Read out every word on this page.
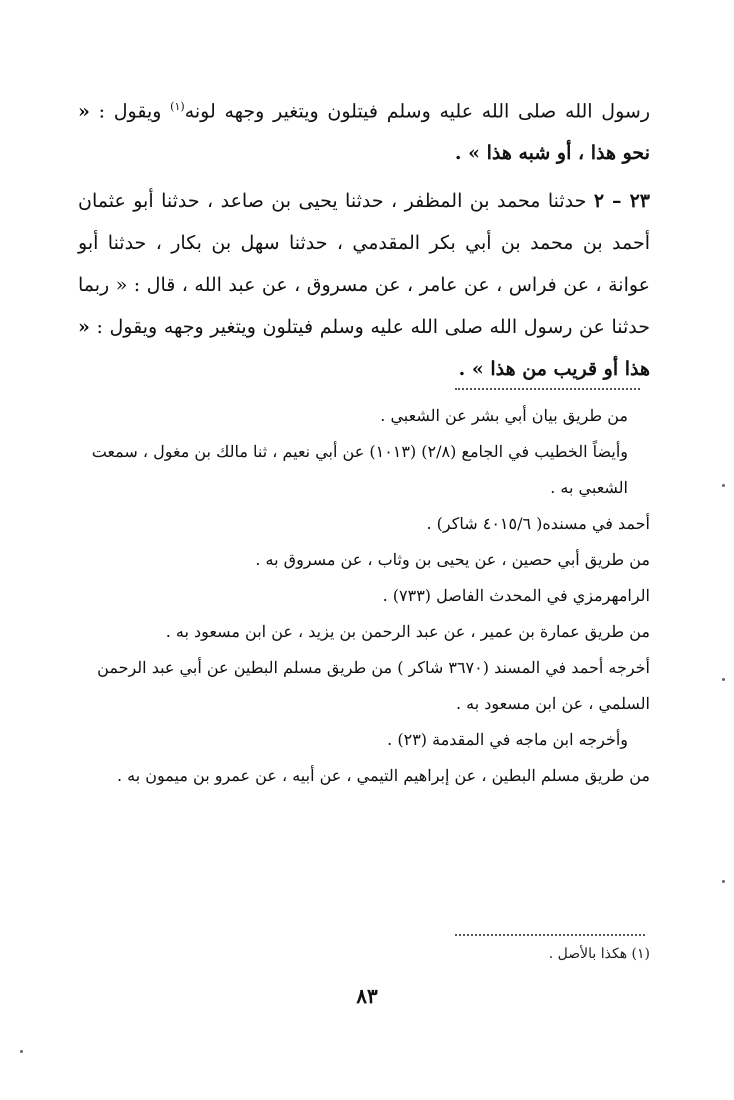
رسول الله صلى الله عليه وسلم فيتلون ويتغير وجهه لونه$^{(١)}$ ويقول : « نحو هذا ، أو شبه هذا » .

٢٣ – ٢ حدثنا محمد بن المظفر ، حدثنا يحيى بن صاعد ، حدثنا أبو عثمان أحمد بن محمد بن أبي بكر المقدمي ، حدثنا سهل بن بكار ، حدثنا أبو عوانة ، عن فراس ، عن عامر ، عن مسروق ، عن عبد الله ، قال : « ربما حدثنا عن رسول الله صلى الله عليه وسلم فيتلون ويتغير وجهه ويقول : « هذا أو قريب من هذا » .

من طريق بيان أبي بشر عن الشعبي .

وأيضاً الخطيب في الجامع (٢/٨) (١٠١٣) عن أبي نعيم ، ثنا مالك بن مغول ، سمعت الشعبي به .

أحمد في مسنده( ٤٠١٥/٦ شاكر) .

من طريق أبي حصين ، عن يحيى بن وثاب ، عن مسروق به .

الرامهرمزي في المحدث الفاصل (٧٣٣) .

من طريق عمارة بن عمير ، عن عبد الرحمن بن يزيد ، عن ابن مسعود به .

أخرجه أحمد في المسند (٣٦٧٠ شاكر ) من طريق مسلم البطين عن أبي عبد الرحمن السلمي ، عن ابن مسعود به .

وأخرجه ابن ماجه في المقدمة (٢٣) .

من طريق مسلم البطين ، عن إبراهيم التيمي ، عن أبيه ، عن عمرو بن ميمون به .

(١) هكذا بالأصل .
٨٣
